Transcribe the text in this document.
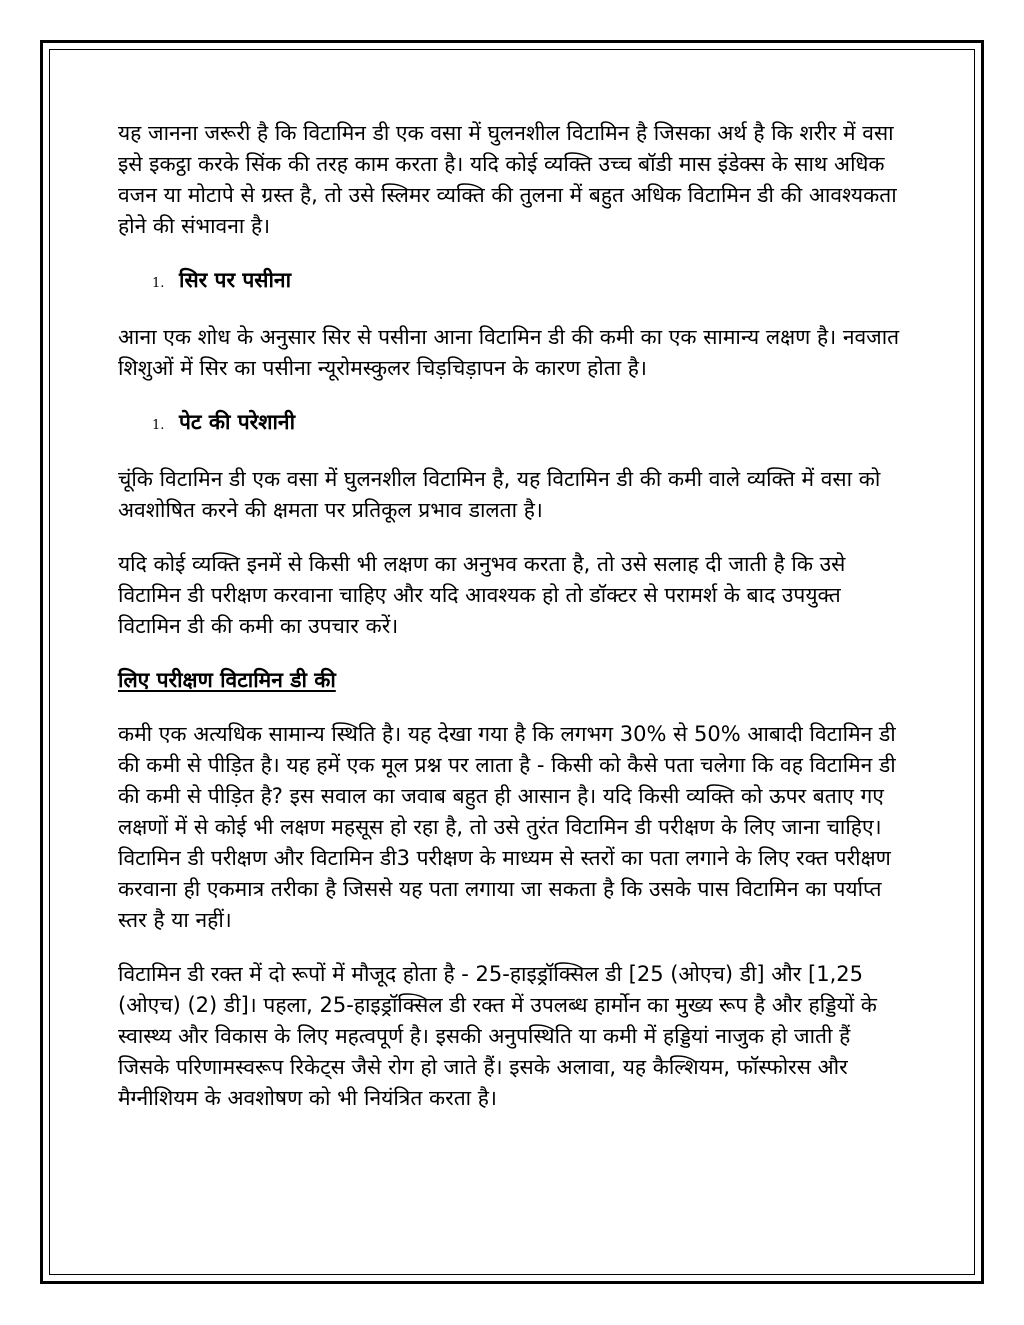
यह जानना जरूरी है कि विटामिन डी एक वसा में घुलनशील विटामिन है जिसका अर्थ है कि शरीर में वसा इसे इकट्ठा करके सिंक की तरह काम करता है। यदि कोई व्यक्ति उच्च बॉडी मास इंडेक्स के साथ अधिक वजन या मोटापे से ग्रस्त है, तो उसे स्लिमर व्यक्ति की तुलना में बहुत अधिक विटामिन डी की आवश्यकता होने की संभावना है।

1. सिर पर पसीना

आना एक शोध के अनुसार सिर से पसीना आना विटामिन डी की कमी का एक सामान्य लक्षण है। नवजात शिशुओं में सिर का पसीना न्यूरोमस्कुलर चिड़चिड़ापन के कारण होता है।

1. पेट की परेशानी

चूंकि विटामिन डी एक वसा में घुलनशील विटामिन है, यह विटामिन डी की कमी वाले व्यक्ति में वसा को अवशोषित करने की क्षमता पर प्रतिकूल प्रभाव डालता है।

यदि कोई व्यक्ति इनमें से किसी भी लक्षण का अनुभव करता है, तो उसे सलाह दी जाती है कि उसे विटामिन डी परीक्षण करवाना चाहिए और यदि आवश्यक हो तो डॉक्टर से परामर्श के बाद उपयुक्त विटामिन डी की कमी का उपचार करें।

लिए परीक्षण विटामिन डी की

कमी एक अत्यधिक सामान्य स्थिति है। यह देखा गया है कि लगभग 30% से 50% आबादी विटामिन डी की कमी से पीड़ित है। यह हमें एक मूल प्रश्न पर लाता है - किसी को कैसे पता चलेगा कि वह विटामिन डी की कमी से पीड़ित है? इस सवाल का जवाब बहुत ही आसान है। यदि किसी व्यक्ति को ऊपर बताए गए लक्षणों में से कोई भी लक्षण महसूस हो रहा है, तो उसे तुरंत विटामिन डी परीक्षण के लिए जाना चाहिए। विटामिन डी परीक्षण और विटामिन डी3 परीक्षण के माध्यम से स्तरों का पता लगाने के लिए रक्त परीक्षण करवाना ही एकमात्र तरीका है जिससे यह पता लगाया जा सकता है कि उसके पास विटामिन का पर्याप्त स्तर है या नहीं।

विटामिन डी रक्त में दो रूपों में मौजूद होता है - 25-हाइड्रॉक्सिल डी [25 (ओएच) डी] और [1,25 (ओएच) (2) डी]। पहला, 25-हाइड्रॉक्सिल डी रक्त में उपलब्ध हार्मोन का मुख्य रूप है और हड्डियों के स्वास्थ्य और विकास के लिए महत्वपूर्ण है। इसकी अनुपस्थिति या कमी में हड्डियां नाजुक हो जाती हैं जिसके परिणामस्वरूप रिकेट्स जैसे रोग हो जाते हैं। इसके अलावा, यह कैल्शियम, फॉस्फोरस और मैग्नीशियम के अवशोषण को भी नियंत्रित करता है।
